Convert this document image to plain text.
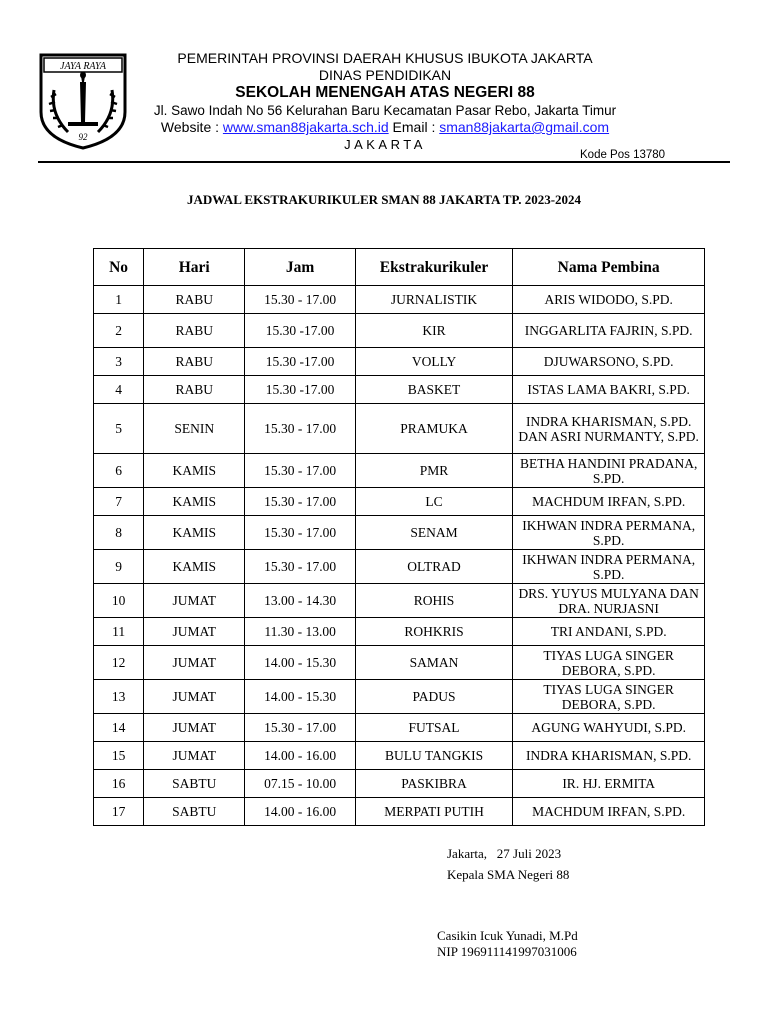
JAYA RAYA
92
PEMERINTAH PROVINSI DAERAH KHUSUS IBUKOTA JAKARTA
DINAS PENDIDIKAN
SEKOLAH MENENGAH ATAS NEGERI 88
Jl. Sawo Indah No 56 Kelurahan Baru Kecamatan Pasar Rebo, Jakarta Timur
Website : www.sman88jakarta.sch.id Email : sman88jakarta@gmail.com
JAKARTA
Kode Pos 13780
JADWAL EKSTRAKURIKULER SMAN 88 JAKARTA TP. 2023-2024
No	Hari	Jam	Ekstrakurikuler	Nama Pembina
1	RABU	15.30 - 17.00	JURNALISTIK	ARIS WIDODO, S.PD.
2	RABU	15.30 -17.00	KIR	INGGARLITA FAJRIN, S.PD.
3	RABU	15.30 -17.00	VOLLY	DJUWARSONO, S.PD.
4	RABU	15.30 -17.00	BASKET	ISTAS LAMA BAKRI, S.PD.
5	SENIN	15.30 - 17.00	PRAMUKA	INDRA KHARISMAN, S.PD. DAN ASRI NURMANTY, S.PD.
6	KAMIS	15.30 - 17.00	PMR	BETHA HANDINI PRADANA, S.PD.
7	KAMIS	15.30 - 17.00	LC	MACHDUM IRFAN, S.PD.
8	KAMIS	15.30 - 17.00	SENAM	IKHWAN INDRA PERMANA, S.PD.
9	KAMIS	15.30 - 17.00	OLTRAD	IKHWAN INDRA PERMANA, S.PD.
10	JUMAT	13.00 - 14.30	ROHIS	DRS. YUYUS MULYANA DAN DRA. NURJASNI
11	JUMAT	11.30 - 13.00	ROHKRIS	TRI ANDANI, S.PD.
12	JUMAT	14.00 - 15.30	SAMAN	TIYAS LUGA SINGER DEBORA, S.PD.
13	JUMAT	14.00 - 15.30	PADUS	TIYAS LUGA SINGER DEBORA, S.PD.
14	JUMAT	15.30 - 17.00	FUTSAL	AGUNG WAHYUDI, S.PD.
15	JUMAT	14.00 - 16.00	BULU TANGKIS	INDRA KHARISMAN, S.PD.
16	SABTU	07.15 - 10.00	PASKIBRA	IR. HJ. ERMITA
17	SABTU	14.00 - 16.00	MERPATI PUTIH	MACHDUM IRFAN, S.PD.
Jakarta,   27 Juli 2023
Kepala SMA Negeri 88
Casikin Icuk Yunadi, M.Pd
NIP 196911141997031006
